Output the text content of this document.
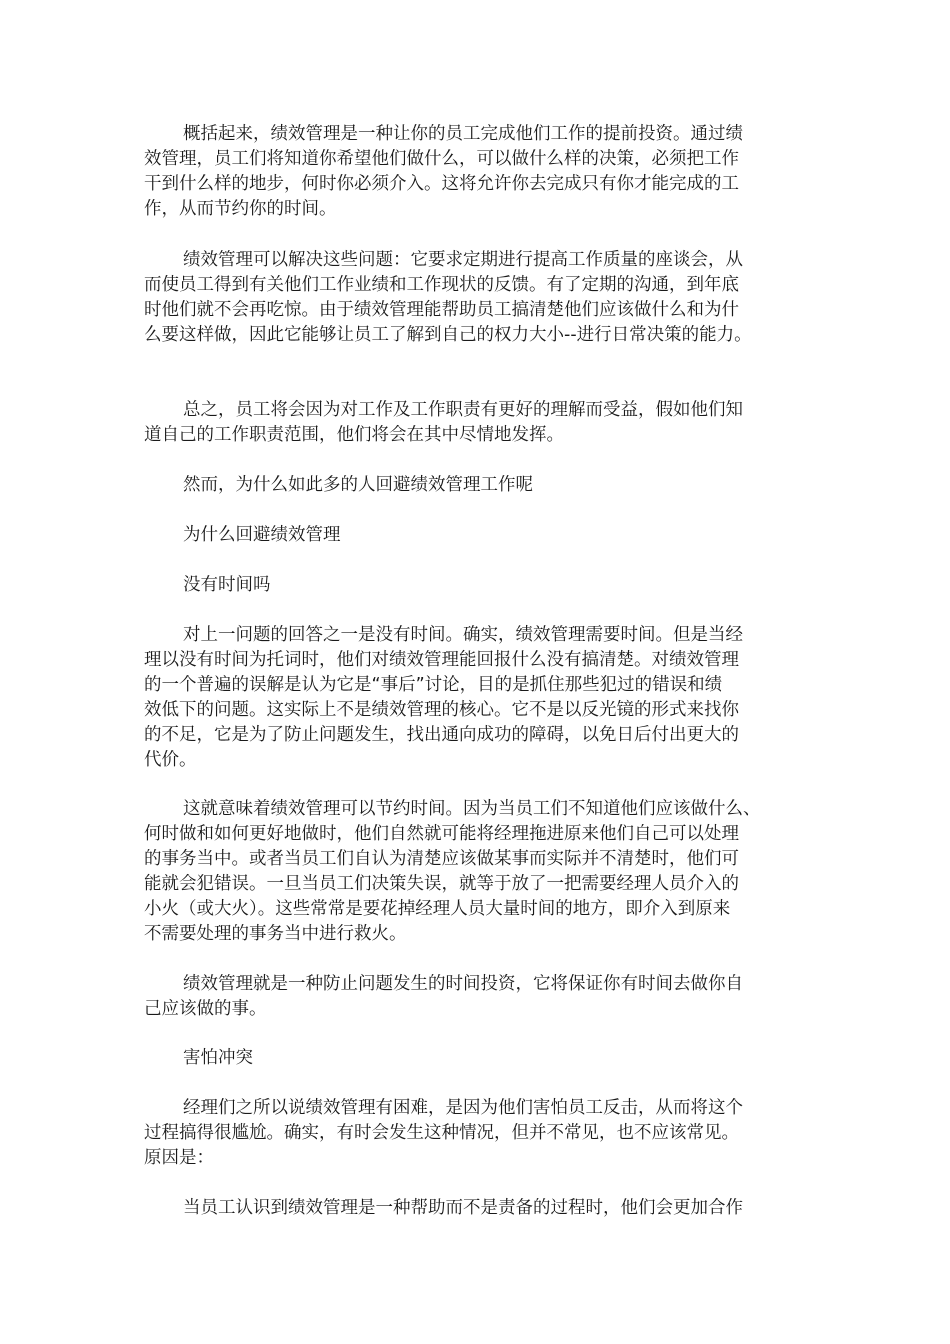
概括起来，绩效管理是一种让你的员工完成他们工作的提前投资。通过绩
效管理，员工们将知道你希望他们做什么，可以做什么样的决策，必须把工作
干到什么样的地步，何时你必须介入。这将允许你去完成只有你才能完成的工
作，从而节约你的时间。

绩效管理可以解决这些问题：它要求定期进行提高工作质量的座谈会，从
而使员工得到有关他们工作业绩和工作现状的反馈。有了定期的沟通，到年底
时他们就不会再吃惊。由于绩效管理能帮助员工搞清楚他们应该做什么和为什
么要这样做，因此它能够让员工了解到自己的权力大小--进行日常决策的能力。

总之，员工将会因为对工作及工作职责有更好的理解而受益，假如他们知
道自己的工作职责范围，他们将会在其中尽情地发挥。

然而，为什么如此多的人回避绩效管理工作呢

为什么回避绩效管理

没有时间吗

对上一问题的回答之一是没有时间。确实，绩效管理需要时间。但是当经
理以没有时间为托词时，他们对绩效管理能回报什么没有搞清楚。对绩效管理
的一个普遍的误解是认为它是“事后”讨论，目的是抓住那些犯过的错误和绩
效低下的问题。这实际上不是绩效管理的核心。它不是以反光镜的形式来找你
的不足，它是为了防止问题发生，找出通向成功的障碍，以免日后付出更大的
代价。

这就意味着绩效管理可以节约时间。因为当员工们不知道他们应该做什么、
何时做和如何更好地做时，他们自然就可能将经理拖进原来他们自己可以处理
的事务当中。或者当员工们自认为清楚应该做某事而实际并不清楚时，他们可
能就会犯错误。一旦当员工们决策失误，就等于放了一把需要经理人员介入的
小火（或大火）。这些常常是要花掉经理人员大量时间的地方，即介入到原来
不需要处理的事务当中进行救火。

绩效管理就是一种防止问题发生的时间投资，它将保证你有时间去做你自
己应该做的事。

害怕冲突

经理们之所以说绩效管理有困难，是因为他们害怕员工反击，从而将这个
过程搞得很尴尬。确实，有时会发生这种情况，但并不常见，也不应该常见。
原因是：

当员工认识到绩效管理是一种帮助而不是责备的过程时，他们会更加合作
